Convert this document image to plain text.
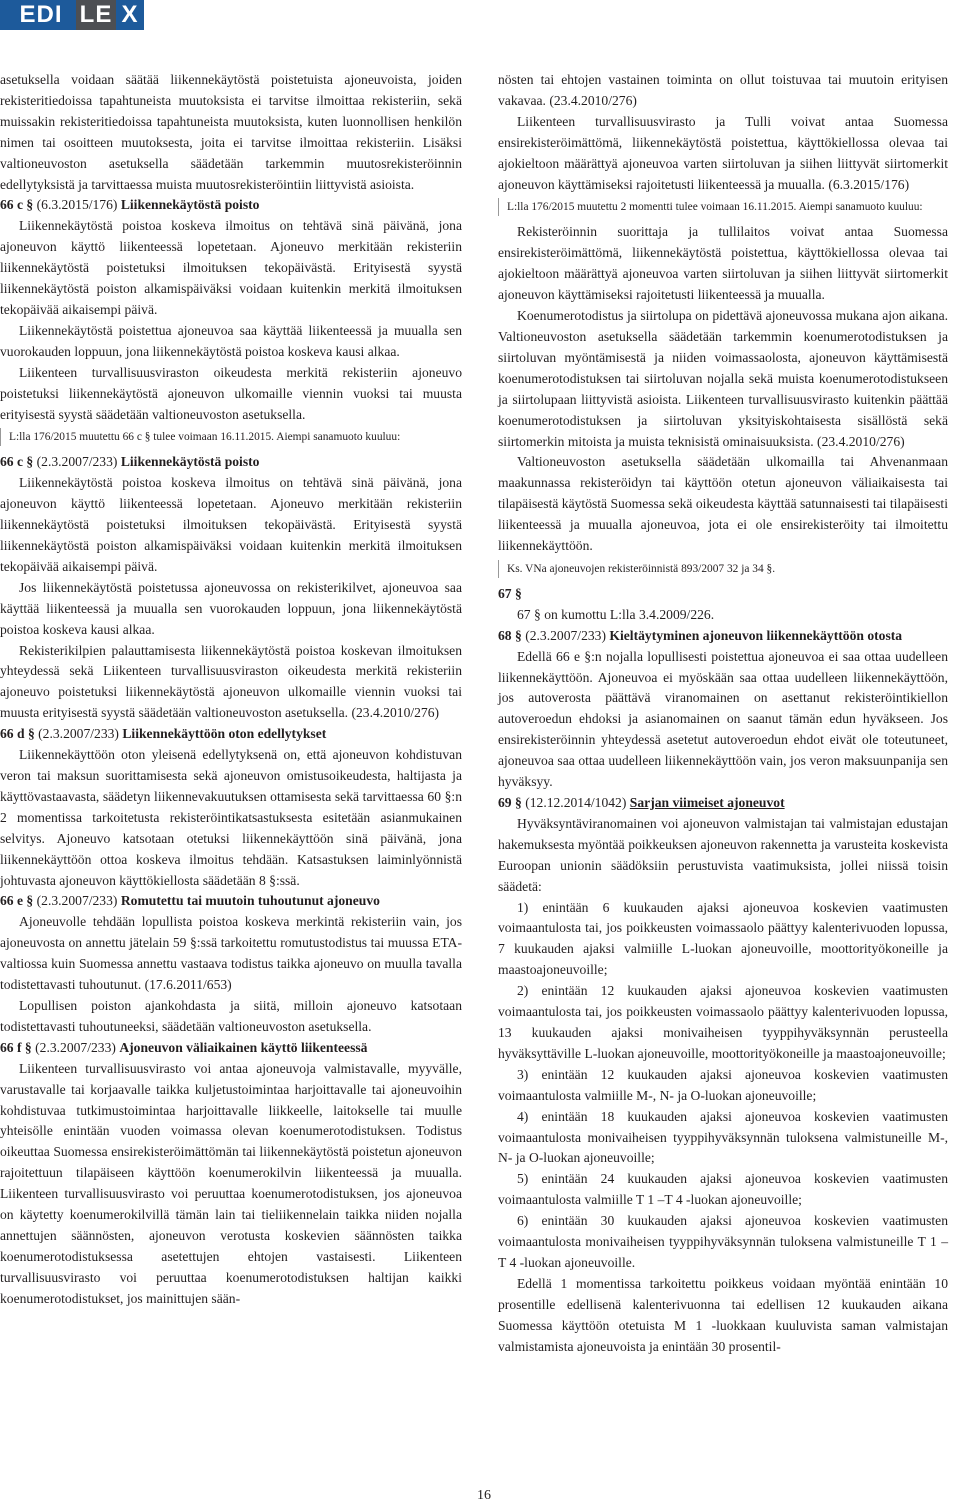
EDI LE X

asetuksella voidaan säätää liikennekäytöstä poistetuista ajoneuvoista, joiden rekisteritiedoissa tapahtuneista muutoksista ei tarvitse ilmoittaa rekisteriin, sekä muissakin rekisteritiedoissa tapahtuneista muutoksista, kuten luonnollisen henkilön nimen tai osoitteen muutoksesta, joita ei tarvitse ilmoittaa rekisteriin. Lisäksi valtioneuvoston asetuksella säädetään tarkemmin muutosrekisteröinnin edellytyksistä ja tarvittaessa muista muutosrekisteröintiin liittyvistä asioista.

66 c § (6.3.2015/176) Liikennekäytöstä poisto

Liikennekäytöstä poistoa koskeva ilmoitus on tehtävä sinä päivänä, jona ajoneuvon käyttö liikenteessä lopetetaan. Ajoneuvo merkitään rekisteriin liikennekäytöstä poistetuksi ilmoituksen tekopäivästä. Erityisestä syystä liikennekäytöstä poiston alkamispäiväksi voidaan kuitenkin merkitä ilmoituksen tekopäivää aikaisempi päivä.

Liikennekäytöstä poistettua ajoneuvoa saa käyttää liikenteessä ja muualla sen vuorokauden loppuun, jona liikennekäytöstä poistoa koskeva kausi alkaa.

Liikenteen turvallisuusviraston oikeudesta merkitä rekisteriin ajoneuvo poistetuksi liikennekäytöstä ajoneuvon ulkomaille viennin vuoksi tai muusta erityisestä syystä säädetään valtioneuvoston asetuksella.

L:lla 176/2015 muutettu 66 c § tulee voimaan 16.11.2015. Aiempi sanamuoto kuuluu:
66 c § (2.3.2007/233) Liikennekäytöstä poisto

Liikennekäytöstä poistoa koskeva ilmoitus on tehtävä sinä päivänä, jona ajoneuvon käyttö liikenteessä lopetetaan. Ajoneuvo merkitään rekisteriin liikennekäytöstä poistetuksi ilmoituksen tekopäivästä. Erityisestä syystä liikennekäytöstä poiston alkamispäiväksi voidaan kuitenkin merkitä ilmoituksen tekopäivää aikaisempi päivä.

Jos liikennekäytöstä poistetussa ajoneuvossa on rekisterikilvet, ajoneuvoa saa käyttää liikenteessä ja muualla sen vuorokauden loppuun, jona liikennekäytöstä poistoa koskeva kausi alkaa.

Rekisterikilpien palauttamisesta liikennekäytöstä poistoa koskevan ilmoituksen yhteydessä sekä Liikenteen turvallisuusviraston oikeudesta merkitä rekisteriin ajoneuvo poistetuksi liikennekäytöstä ajoneuvon ulkomaille viennin vuoksi tai muusta erityisestä syystä säädetään valtioneuvoston asetuksella. (23.4.2010/276)

66 d § (2.3.2007/233) Liikennekäyttöön oton edellytykset

Liikennekäyttöön oton yleisenä edellytyksenä on, että ajoneuvon kohdistuvan veron tai maksun suorittamisesta sekä ajoneuvon omistusoikeudesta, haltijasta ja käyttövastaavasta, säädetyn liikennevakuutuksen ottamisesta sekä tarvittaessa 60 §:n 2 momentissa tarkoitetusta rekisteröintikatsastuksesta esitetään asianmukainen selvitys. Ajoneuvo katsotaan otetuksi liikennekäyttöön sinä päivänä, jona liikennekäyttöön ottoa koskeva ilmoitus tehdään. Katsastuksen laiminlyönnistä johtuvasta ajoneuvon käyttökiellosta säädetään 8 §:ssä.

66 e § (2.3.2007/233) Romutettu tai muutoin tuhoutunut ajoneuvo

Ajoneuvolle tehdään lopullista poistoa koskeva merkintä rekisteriin vain, jos ajoneuvosta on annettu jätelain 59 §:ssä tarkoitettu romutustodistus tai muussa ETA-valtiossa kuin Suomessa annettu vastaava todistus taikka ajoneuvo on muulla tavalla todistettavasti tuhoutunut. (17.6.2011/653)

Lopullisen poiston ajankohdasta ja siitä, milloin ajoneuvo katsotaan todistettavasti tuhoutuneeksi, säädetään valtioneuvoston asetuksella.

66 f § (2.3.2007/233) Ajoneuvon väliaikainen käyttö liikenteessä

Liikenteen turvallisuusvirasto voi antaa ajoneuvoja valmistavalle, myyvälle, varustavalle tai korjaavalle taikka kuljetustoimintaa harjoittavalle tai ajoneuvoihin kohdistuvaa tutkimustoimintaa harjoittavalle liikkeelle, laitokselle tai muulle yhteisölle enintään vuoden voimassa olevan koenumerotodistuksen. Todistus oikeuttaa Suomessa ensirekisteröimättömän tai liikennekäytöstä poistetun ajoneuvon rajoitettuun tilapäiseen käyttöön koenumerokilvin liikenteessä ja muualla. Liikenteen turvallisuusvirasto voi peruuttaa koenumerotodistuksen, jos ajoneuvoa on käytetty koenumerokilvillä tämän lain tai tieliikennelain taikka niiden nojalla annettujen säännösten, ajoneuvon verotusta koskevien säännösten taikka koenumerotodistuksessa asetettujen ehtojen vastaisesti. Liikenteen turvallisuusvirasto voi peruuttaa koenumerotodistuksen haltijan kaikki koenumerotodistukset, jos mainittujen sään-

nösten tai ehtojen vastainen toiminta on ollut toistuvaa tai muutoin erityisen vakavaa. (23.4.2010/276)

Liikenteen turvallisuusvirasto ja Tulli voivat antaa Suomessa ensirekisteröimättömä, liikennekäytöstä poistettua, käyttökiellossa olevaa tai ajokieltoon määrättyä ajoneuvoa varten siirtoluvan ja siihen liittyvät siirtomerkit ajoneuvon käyttämiseksi rajoitetusti liikenteessä ja muualla. (6.3.2015/176)

L:lla 176/2015 muutettu 2 momentti tulee voimaan 16.11.2015. Aiempi sanamuoto kuuluu:

Rekisteröinnin suorittaja ja tullilaitos voivat antaa Suomessa ensirekisteröimättömä, liikennekäytöstä poistettua, käyttökiellossa olevaa tai ajokieltoon määrättyä ajoneuvoa varten siirtoluvan ja siihen liittyvät siirtomerkit ajoneuvon käyttämiseksi rajoitetusti liikenteessä ja muualla.

Koenumerotodistus ja siirtolupa on pidettävä ajoneuvossa mukana ajon aikana. Valtioneuvoston asetuksella säädetään tarkemmin koenumerotodistuksen ja siirtoluvan myöntämisestä ja niiden voimassaolosta, ajoneuvon käyttämisestä koenumerotodistuksen tai siirtoluvan nojalla sekä muista koenumerotodistukseen ja siirtolupaan liittyvistä asioista. Liikenteen turvallisuusvirasto kuitenkin päättää koenumerotodistuksen ja siirtoluvan yksityiskohtaisesta sisällöstä sekä siirtomerkin mitoista ja muista teknisistä ominaisuuksista. (23.4.2010/276)

Valtioneuvoston asetuksella säädetään ulkomailla tai Ahvenanmaan maakunnassa rekisteröidyn tai käyttöön otetun ajoneuvon väliaikaisesta tai tilapäisestä käytöstä Suomessa sekä oikeudesta käyttää satunnaisesti tai tilapäisesti liikenteessä ja muualla ajoneuvoa, jota ei ole ensirekisteröity tai ilmoitettu liikennekäyttöön.

Ks. VNa ajoneuvojen rekisteröinnistä 893/2007 32 ja 34 §.
67 §

67 § on kumottu L:lla 3.4.2009/226.

68 § (2.3.2007/233) Kieltäytyminen ajoneuvon liikennekäyttöön otosta

Edellä 66 e §:n nojalla lopullisesti poistettua ajoneuvoa ei saa ottaa uudelleen liikennekäyttöön. Ajoneuvoa ei myöskään saa ottaa uudelleen liikennekäyttöön, jos autoverosta päättävä viranomainen on asettanut rekisteröintikiellon autoveroedun ehdoksi ja asianomainen on saanut tämän edun hyväkseen. Jos ensirekisteröinnin yhteydessä asetetut autoveroedun ehdot eivät ole toteutuneet, ajoneuvoa saa ottaa uudelleen liikennekäyttöön vain, jos veron maksuunpanija sen hyväksyy.

69 § (12.12.2014/1042) Sarjan viimeiset ajoneuvot

Hyväksyntäviranomainen voi ajoneuvon valmistajan tai valmistajan edustajan hakemuksesta myöntää poikkeuksen ajoneuvon rakennetta ja varusteita koskevista Euroopan unionin säädöksiin perustuvista vaatimuksista, jollei niissä toisin säädetä:

1) enintään 6 kuukauden ajaksi ajoneuvoa koskevien vaatimusten voimaantulosta tai, jos poikkeusten voimassaolo päättyy kalenterivuoden lopussa, 7 kuukauden ajaksi valmiille L-luokan ajoneuvoille, moottorityökoneille ja maastoajoneuvoille;

2) enintään 12 kuukauden ajaksi ajoneuvoa koskevien vaatimusten voimaantulosta tai, jos poikkeusten voimassaolo päättyy kalenterivuoden lopussa, 13 kuukauden ajaksi monivaiheisen tyyppihyväksynnän perusteella hyväksyttäville L-luokan ajoneuvoille, moottorityökoneille ja maastoajoneuvoille;

3) enintään 12 kuukauden ajaksi ajoneuvoa koskevien vaatimusten voimaantulosta valmiille M-, N- ja O-luokan ajoneuvoille;

4) enintään 18 kuukauden ajaksi ajoneuvoa koskevien vaatimusten voimaantulosta monivaiheisen tyyppihyväksynnän tuloksena valmistuneille M-, N- ja O-luokan ajoneuvoille;

5) enintään 24 kuukauden ajaksi ajoneuvoa koskevien vaatimusten voimaantulosta valmiille T 1 –T 4 -luokan ajoneuvoille;

6) enintään 30 kuukauden ajaksi ajoneuvoa koskevien vaatimusten voimaantulosta monivaiheisen tyyppihyväksynnän tuloksena valmistuneille T 1 –T 4 -luokan ajoneuvoille.

Edellä 1 momentissa tarkoitettu poikkeus voidaan myöntää enintään 10 prosentille edellisenä kalenterivuonna tai edellisen 12 kuukauden aikana Suomessa käyttöön otetuista M 1 -luokkaan kuuluvista saman valmistajan valmistamista ajoneuvoista ja enintään 30 prosentil-

16
